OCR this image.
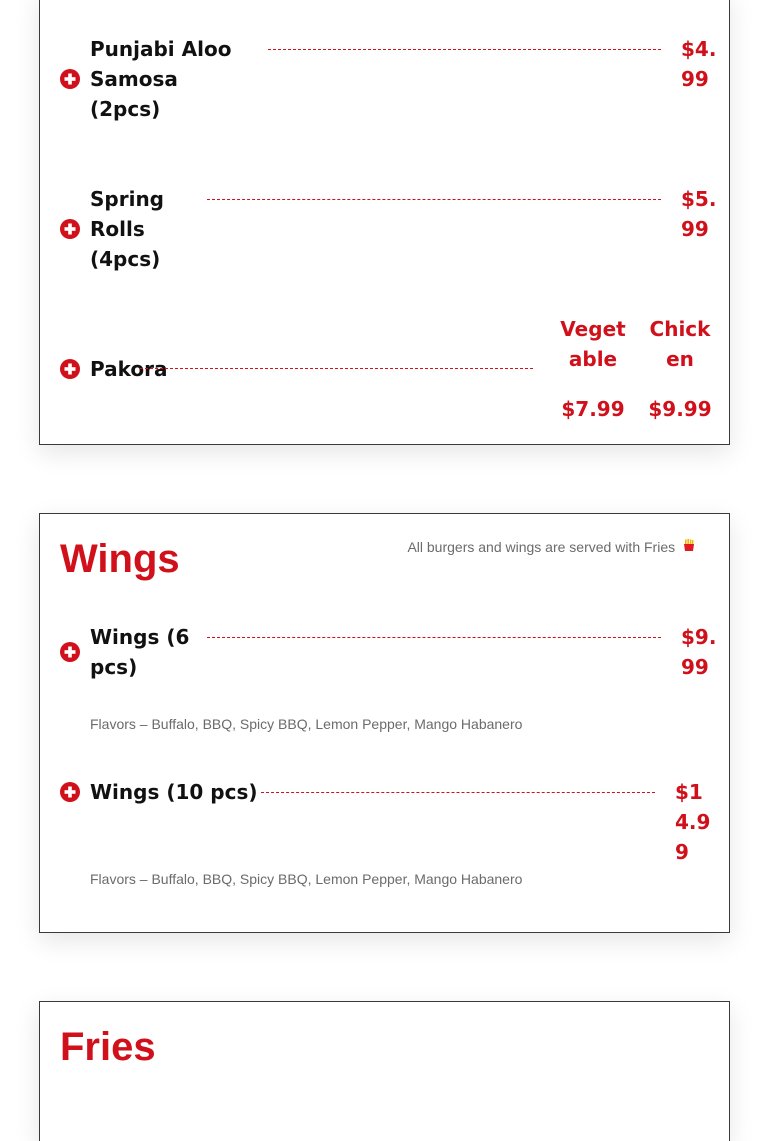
Punjabi Aloo Samosa (2pcs)
$4.99
Spring Rolls (4pcs)
$5.99
Pakora
Vegetable
Chicken
$7.99 $9.99
Wings	All burgers and wings are served with Fries
Wings (6 pcs)
$9.99
Flavors – Buffalo, BBQ, Spicy BBQ, Lemon Pepper, Mango Habanero
Wings (10 pcs)	$14.99
Flavors – Buffalo, BBQ, Spicy BBQ, Lemon Pepper, Mango Habanero
Fries
